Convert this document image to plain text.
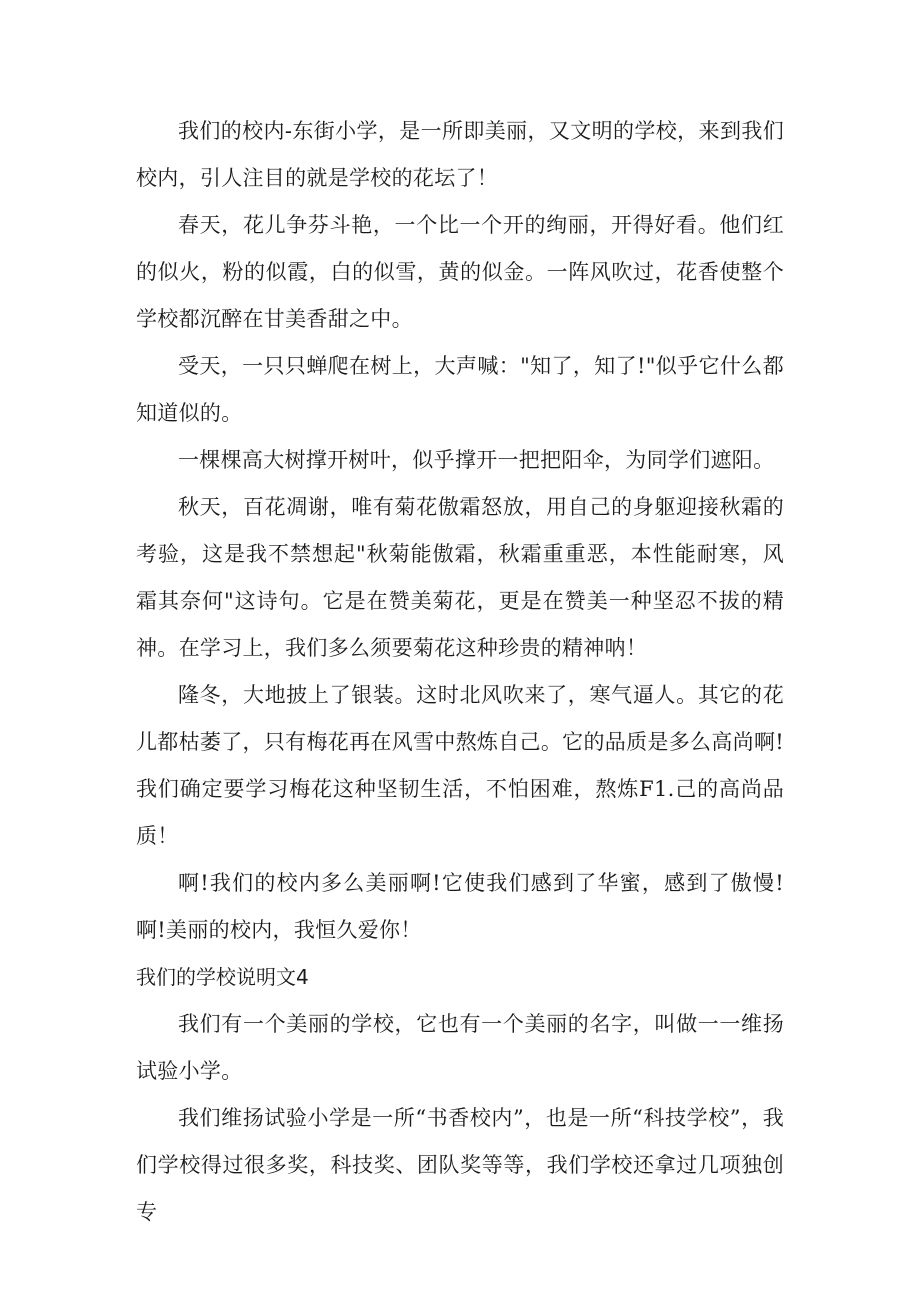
我们的校内-东街小学，是一所即美丽，又文明的学校，来到我们校内，引人注目的就是学校的花坛了！

春天，花儿争芬斗艳，一个比一个开的绚丽，开得好看。他们红的似火，粉的似霞，白的似雪，黄的似金。一阵风吹过，花香使整个学校都沉醉在甘美香甜之中。

受天，一只只蝉爬在树上，大声喊："知了，知了!"似乎它什么都知道似的。

一棵棵高大树撑开树叶，似乎撑开一把把阳伞，为同学们遮阳。

秋天，百花凋谢，唯有菊花傲霜怒放，用自己的身躯迎接秋霜的考验，这是我不禁想起"秋菊能傲霜，秋霜重重恶，本性能耐寒，风霜其奈何"这诗句。它是在赞美菊花，更是在赞美一种坚忍不拔的精神。在学习上，我们多么须要菊花这种珍贵的精神呐！

隆冬，大地披上了银装。这时北风吹来了，寒气逼人。其它的花儿都枯萎了，只有梅花再在风雪中熬炼自己。它的品质是多么高尚啊!我们确定要学习梅花这种坚韧生活，不怕困难，熬炼F1.己的高尚品质！

啊!我们的校内多么美丽啊!它使我们感到了华蜜，感到了傲慢!啊!美丽的校内，我恒久爱你！

我们的学校说明文4

我们有一个美丽的学校，它也有一个美丽的名字，叫做一一维扬试验小学。

我们维扬试验小学是一所“书香校内”，也是一所“科技学校”，我们学校得过很多奖，科技奖、团队奖等等，我们学校还拿过几项独创专
